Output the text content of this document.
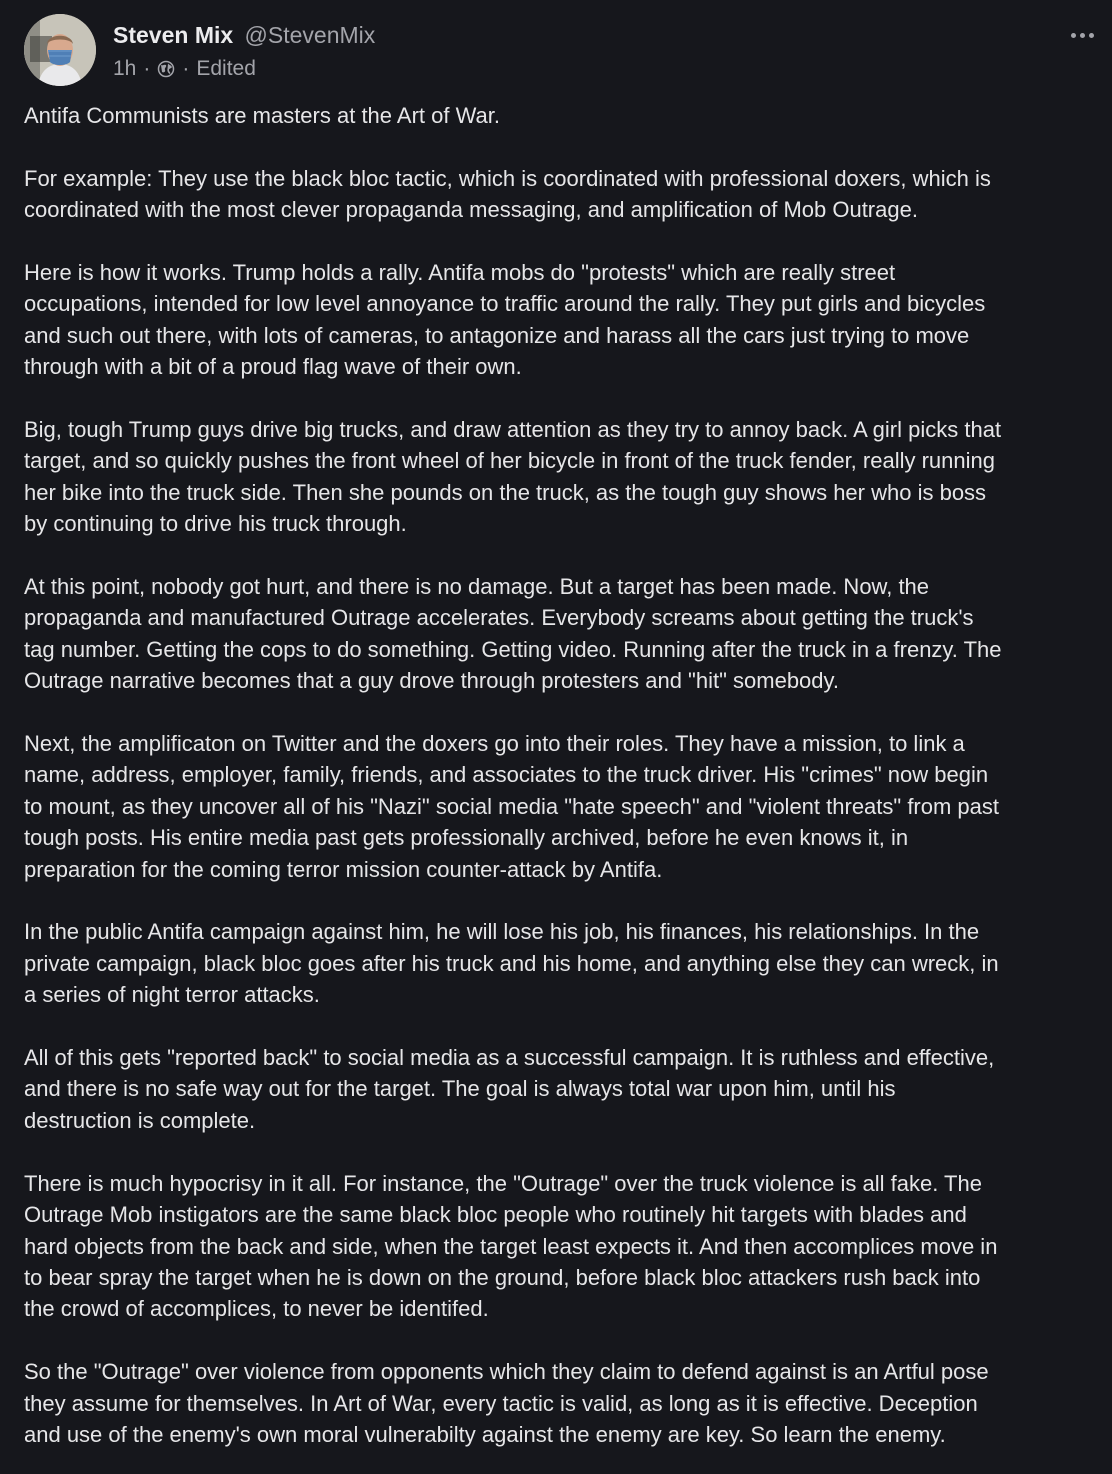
Steven Mix @StevenMix
1h · · Edited

Antifa Communists are masters at the Art of War.

For example: They use the black bloc tactic, which is coordinated with professional doxers, which is
coordinated with the most clever propaganda messaging, and amplification of Mob Outrage.

Here is how it works. Trump holds a rally. Antifa mobs do "protests" which are really street
occupations, intended for low level annoyance to traffic around the rally. They put girls and bicycles
and such out there, with lots of cameras, to antagonize and harass all the cars just trying to move
through with a bit of a proud flag wave of their own.

Big, tough Trump guys drive big trucks, and draw attention as they try to annoy back. A girl picks that
target, and so quickly pushes the front wheel of her bicycle in front of the truck fender, really running
her bike into the truck side. Then she pounds on the truck, as the tough guy shows her who is boss
by continuing to drive his truck through.

At this point, nobody got hurt, and there is no damage. But a target has been made. Now, the
propaganda and manufactured Outrage accelerates. Everybody screams about getting the truck's
tag number. Getting the cops to do something. Getting video. Running after the truck in a frenzy. The
Outrage narrative becomes that a guy drove through protesters and "hit" somebody.

Next, the amplificaton on Twitter and the doxers go into their roles. They have a mission, to link a
name, address, employer, family, friends, and associates to the truck driver. His "crimes" now begin
to mount, as they uncover all of his "Nazi" social media "hate speech" and "violent threats" from past
tough posts. His entire media past gets professionally archived, before he even knows it, in
preparation for the coming terror mission counter-attack by Antifa.

In the public Antifa campaign against him, he will lose his job, his finances, his relationships. In the
private campaign, black bloc goes after his truck and his home, and anything else they can wreck, in
a series of night terror attacks.

All of this gets "reported back" to social media as a successful campaign. It is ruthless and effective,
and there is no safe way out for the target. The goal is always total war upon him, until his
destruction is complete.

There is much hypocrisy in it all. For instance, the "Outrage" over the truck violence is all fake. The
Outrage Mob instigators are the same black bloc people who routinely hit targets with blades and
hard objects from the back and side, when the target least expects it. And then accomplices move in
to bear spray the target when he is down on the ground, before black bloc attackers rush back into
the crowd of accomplices, to never be identifed.

So the "Outrage" over violence from opponents which they claim to defend against is an Artful pose
they assume for themselves. In Art of War, every tactic is valid, as long as it is effective. Deception
and use of the enemy's own moral vulnerabilty against the enemy are key. So learn the enemy.
